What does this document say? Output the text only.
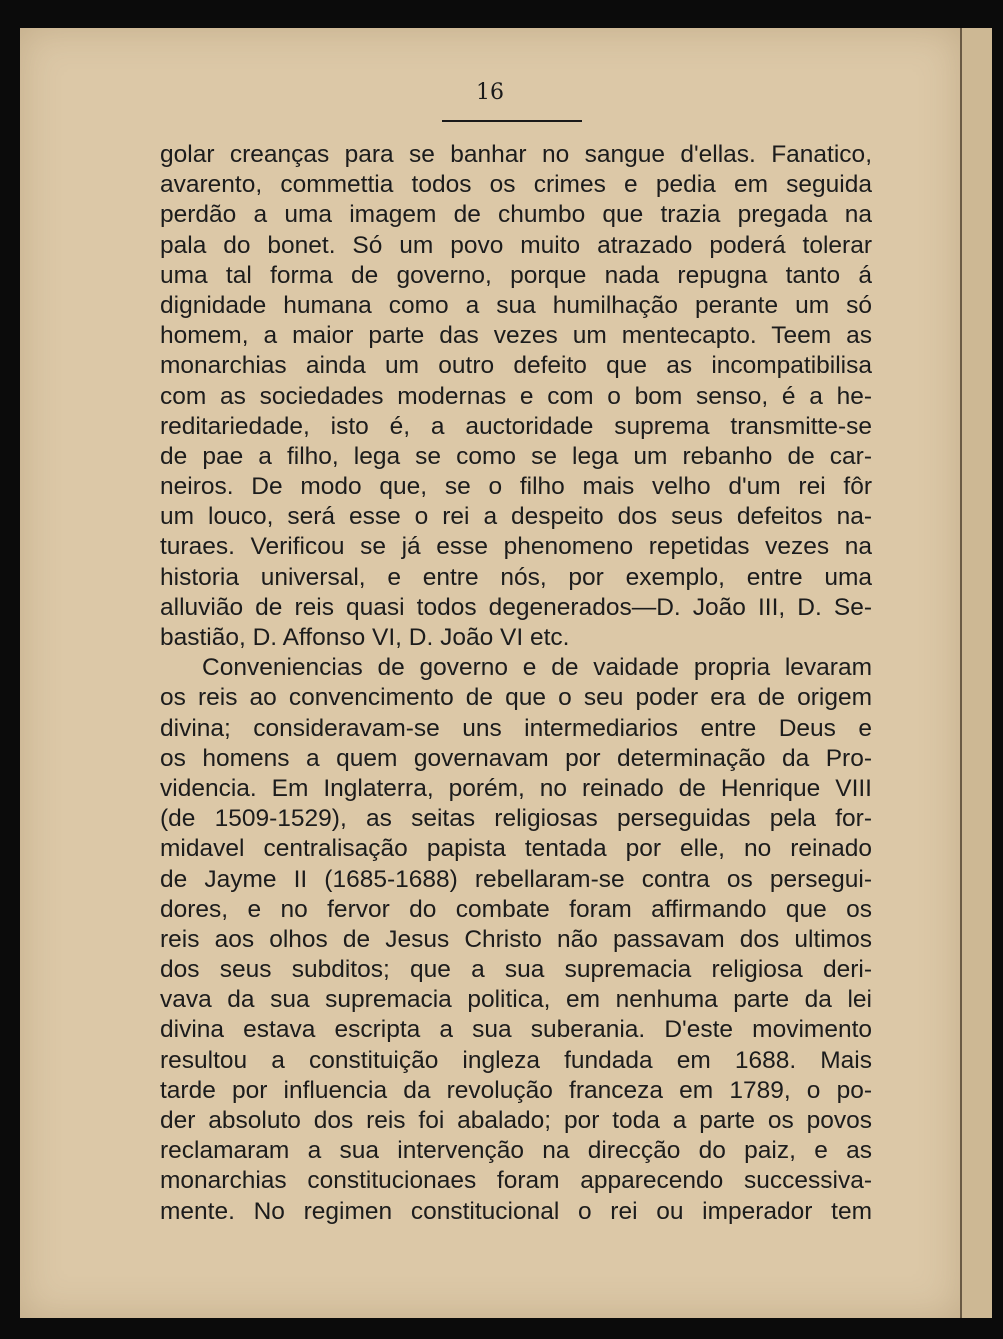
16
golar creanças para se banhar no sangue d'ellas. Fanatico,
avarento, commettia todos os crimes e pedia em seguida
perdão a uma imagem de chumbo que trazia pregada na
pala do bonet. Só um povo muito atrazado poderá tolerar
uma tal forma de governo, porque nada repugna tanto á
dignidade humana como a sua humilhação perante um só
homem, a maior parte das vezes um mentecapto. Teem as
monarchias ainda um outro defeito que as incompatibilisa
com as sociedades modernas e com o bom senso, é a he-
reditariedade, isto é, a auctoridade suprema transmitte-se
de pae a filho, lega se como se lega um rebanho de car-
neiros. De modo que, se o filho mais velho d'um rei fôr
um louco, será esse o rei a despeito dos seus defeitos na-
turaes. Verificou se já esse phenomeno repetidas vezes na
historia universal, e entre nós, por exemplo, entre uma
alluvião de reis quasi todos degenerados—D. João III, D. Se-
bastião, D. Affonso VI, D. João VI etc.
Conveniencias de governo e de vaidade propria levaram
os reis ao convencimento de que o seu poder era de origem
divina; consideravam-se uns intermediarios entre Deus e
os homens a quem governavam por determinação da Pro-
videncia. Em Inglaterra, porém, no reinado de Henrique VIII
(de 1509-1529), as seitas religiosas perseguidas pela for-
midavel centralisação papista tentada por elle, no reinado
de Jayme II (1685-1688) rebellaram-se contra os persegui-
dores, e no fervor do combate foram affirmando que os
reis aos olhos de Jesus Christo não passavam dos ultimos
dos seus subditos; que a sua supremacia religiosa deri-
vava da sua supremacia politica, em nenhuma parte da lei
divina estava escripta a sua suberania. D'este movimento
resultou a constituição ingleza fundada em 1688. Mais
tarde por influencia da revolução franceza em 1789, o po-
der absoluto dos reis foi abalado; por toda a parte os povos
reclamaram a sua intervenção na direcção do paiz, e as
monarchias constitucionaes foram apparecendo successiva-
mente. No regimen constitucional o rei ou imperador tem
